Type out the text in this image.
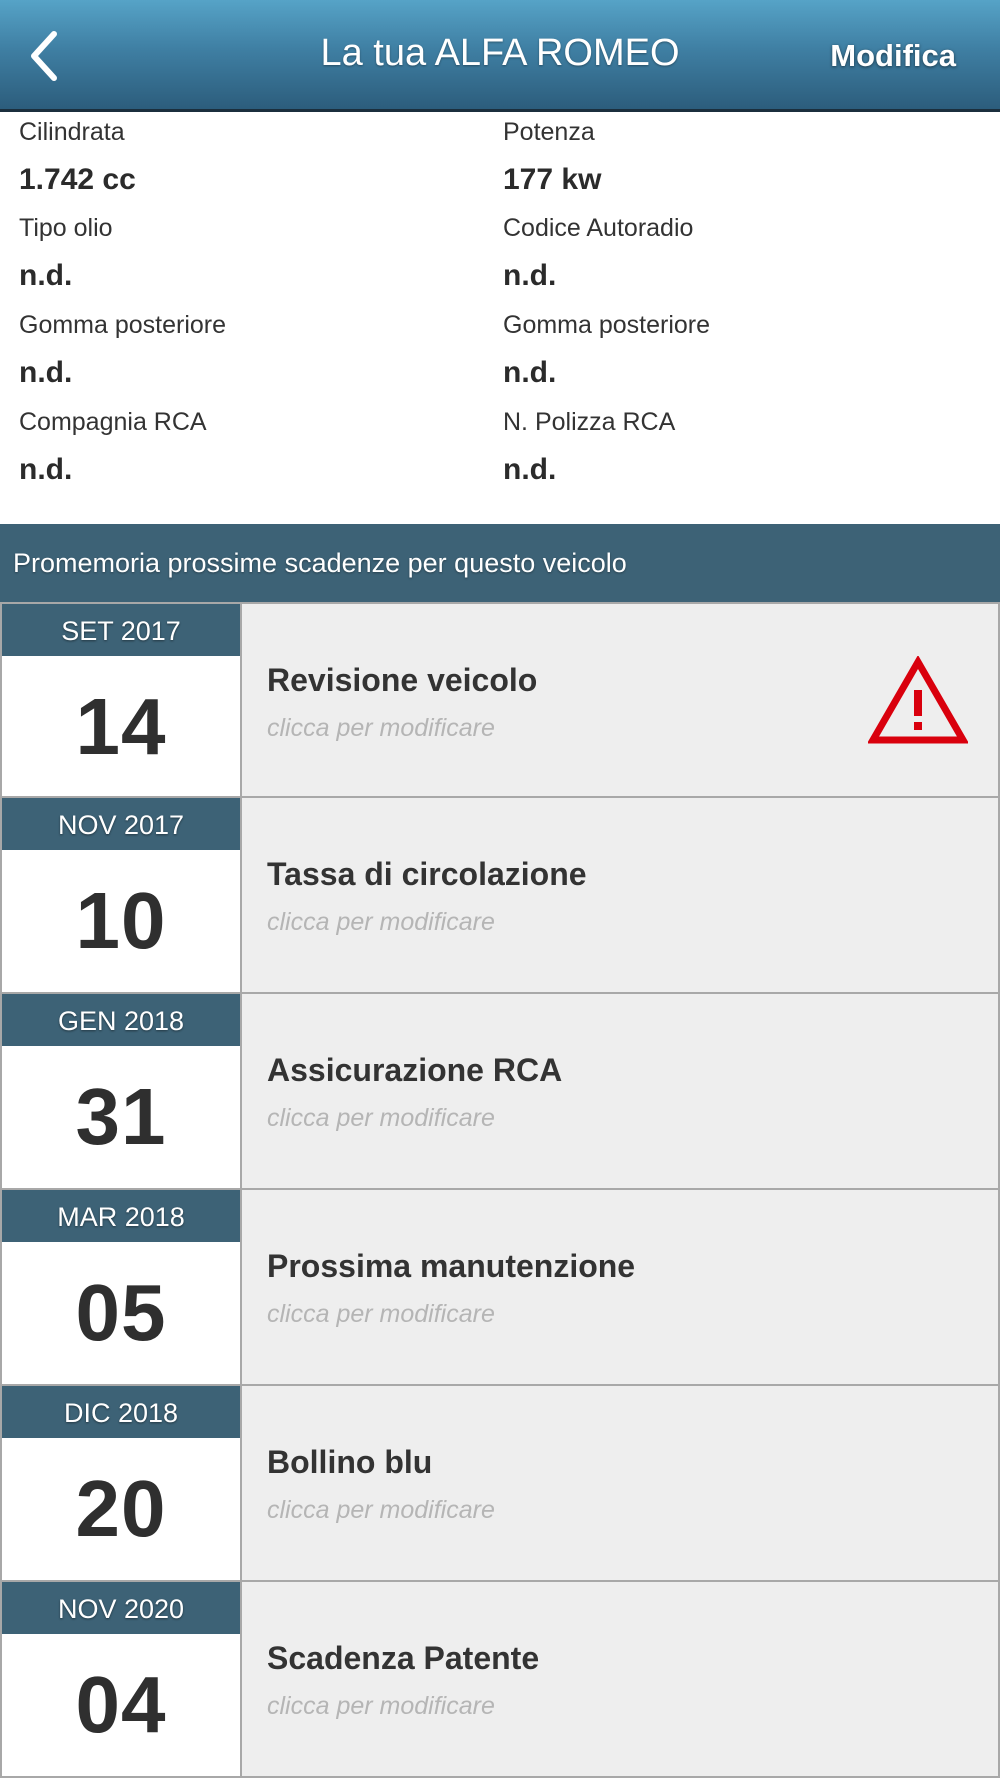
La tua ALFA ROMEO	Modifica
Cilindrata
1.742 cc
Potenza
177 kw
Tipo olio
n.d.
Codice Autoradio
n.d.
Gomma posteriore
n.d.
Gomma posteriore
n.d.
Compagnia RCA
n.d.
N. Polizza RCA
n.d.
Promemoria prossime scadenze per questo veicolo
SET 2017
14
Revisione veicolo
clicca per modificare
NOV 2017
10
Tassa di circolazione
clicca per modificare
GEN 2018
31
Assicurazione RCA
clicca per modificare
MAR 2018
05
Prossima manutenzione
clicca per modificare
DIC 2018
20
Bollino blu
clicca per modificare
NOV 2020
04
Scadenza Patente
clicca per modificare
